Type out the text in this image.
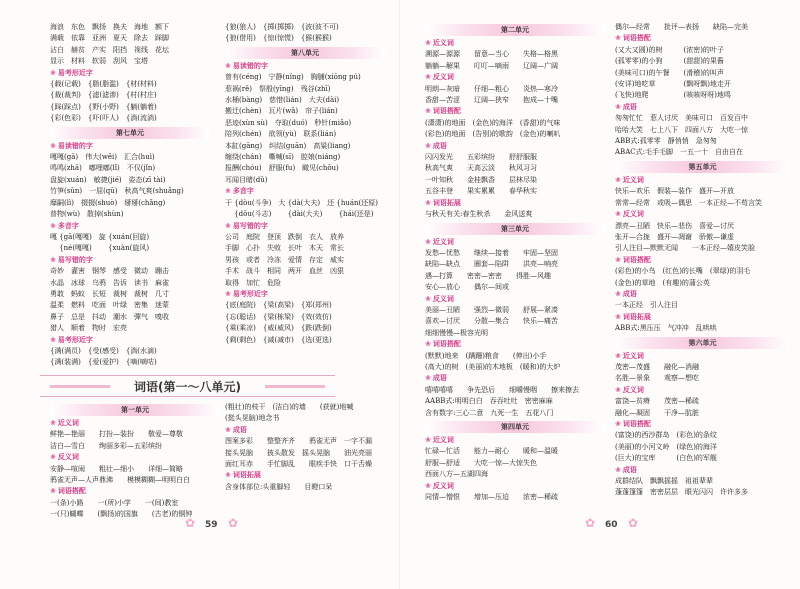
海浪　东色　飘扬　换夫　海地　额下
满载　依靠　亚洲　夏天　除去　踩脚
沾白　赫贫　产实　阳挡　视线　花坛
显示　材料　软弱　刮风　宝塔
❀ 易考形近字
{载(记载)　{脂(脂滥)　{材(材料)
{裁(裁判)　{滤(滤渗)　{村(村庄)
{踩(踩点)　{野(小野)　{躺(躺着)
{彩(色彩)　{吓(吓人)　{淌(流淌)
第七单元
❀ 易读错的字
嘎嘎(gā)　伟大(wěi)　汇合(huì)
鸣鸣(zhā)　嘟哩嘟(lǐ)　不仅(jǐn)
盘旋(xuán)　敏捷(jié)　姿态(zī tài)
竹笋(sǔn)　一屈(qū)　秋高气爽(shuǎng)
靡嗣(lì)　掇掇(shuò)　掰掰(chǎng)
普物(wù)　散掉(shùn)
❀ 多音字
嘎 {gā(嘎嘎)　旋 {xuán(回旋)
　 {né(嘎嘎)　　 {xuàn(旋风)
❀ 易写错的字
奇妙　灌害　钢琴　感受　微动　蹦击
水晶　冰球　乌鸦　告诉　读书　麻雀
勇敢　蚂蚁　长短　裁树　裁树　几寸
温柔　燃料　吃面　叶绿　密集　迷蒙
鼻子　总是　抖动　潮水　彈气　嗅收
猎人　顺着　物时　宏亮
❀ 易考形近字
{满(满员)　{受(感受)　{淌(水滴)
{满(装满)　{爱(爱护)　{嘀(嘀咕)
{狼(狼人)　{掷(掷掷)　{波(波不可)
{狼(借用)　{惊(惊慌)　{猴(猴猴)
第八单元
❀ 易读错的字
曾有(céng)　宁静(níng)　胸脯(xiōng pú)
惹祸(rě)　祭殷(yīng)　残谷(zhī)
水桶(bàng)　慈惜(lián)　大夫(dài)
搬迁(chèn)　瓦片(wǎ)　帘子(lián)
恶迹(xùn sù)　夺取(duó)　秒针(miǎo)
陪列(chén)　欲领(yù)　联系(lián)
本缸(gāng)　纠结(guān)　高粱(liang)
缠绕(chán)　嘶喊(sī)　腔娘(niáng)
报酬(chóu)　舒服(fu)　瞰见(chǒu)
耳闻目睹(dǔ)
❀ 多音字
干 {dòu(斗争)　大 {dà(大夫)　还 {huán(还原)
　 {dǒu(斗志)　　 {dài(大夫)　　 {hái(还是)
❀ 易写错的字
公司　庭院　登顶　跌倒　衣人　放养
手脚　心扑　失败　长叶　木天　常长
男孩　或者　冷冻　爱情　存定　威实
手术　战斗　相同　两开　血丝　凶狠
取得　加忙　危险
❀ 易考形近字
{底(庭院)　{梁(高梁)　{郑(郑州)
{忘(聪话)　{梁(栋梁)　{效(效仿)
{乘(乘凉)　{威(威风)　{跌(跌倒)
{剩(剩色)　{减(减市)　{选(更选)
词语(第一～八单元)
第一单元
❀ 近义词
鲜艳—艳丽　　打扮—装扮　　敬爱—尊敬
洁白—雪白　　绚丽多彩—五彩缤纷
❀ 反义词
安静—喧闹　　粗壮—细小　　详细—简略
鸦雀无声—人声鼎沸　　模模糊糊—明明白白
❀ 词语搭配
一(条)小路　　一(所)小学　　一(间)教室
一(只)蝴蝶　　(飘扬)的国旗　　(古老)的铜钟
(粗壮)的枝干　(洁白)的墙　　(获就)地喊
(挺头晃脑)地念书
❀ 成语
图案多彩　　整整齐齐　　鸦雀无声　一字不漏
接头晃脑　　披头散发　摇头晃脑　　油光亮丽
面红耳赤　　手忙脚乱　　眼疾手快　口干舌燥
❀ 词语拓展
含身体部位:头重脚轻　　目瞪口呆
✿ 59 ✿
第二单元
❀ 近义词
溯源—源源　　留意—当心　　失格—格黑
躺躺—解果　　叮叮—嘀雨　　辽阔—广阔
❀ 反义词
明朗—灰暗　　仔细—粗心　　炎热—寒冷
香甜—苦涩　　辽阔—狭窄　　抱成—十嘴
❀ 词语搭配
(潇潇)的地面　(金色)的海洋　(香甜)的气味
(彩色)的地面　(告别)的歌韵　(金色)的喇叭
❀ 成语
闪闪发光　　五彩缤纷　　舒舒服服
秋高气爽　　天高云淡　　秋风习习
一叶知秋　　金桂飘香　　层林尽染
五谷丰登　　果实累累　　春华秋实
❀ 词语拓展
与秋天有关:春生秋杀　　金风送爽
第三单元
❀ 近义词
发愁—忧愁　　继续—接着　　牢固—坚固
缺陷—缺点　　圈套—陷阱　　洪亮—响亮
遇—打算　　密密—密密　　得胜—风趣
安心—放心　　偶尔—间或
❀ 反义词
美丽—丑陋　　强烈—微弱　　舒展—紧凑
喜欢—讨厌　　分散—集合　　快乐—痛苦
细细慢慢—极容光明
❀ 词语搭配
(默默)地来　(蹒跚)粮食　　(伸出)小手
(高大)的树　(美丽)的木地板　(暖和)的大炉
❀ 成语
嘻嘻嘻嘻　　争先恐后　　细嚼慢咽　　擦来擦去
AABB式:明明白白　吞吞吐吐　密密麻麻
含有数字:三心二意　九死一生　五花八门
第四单元
❀ 近义词
忙碌—忙活　　能力—耐心　　暖和—温暖
舒服—舒适　　大吃一惊—大惊失色
西面八方—五湖四海
❀ 反义词
同情—憎恨　　增加—压迫　　浓密—稀疏
偶尔—经常　　批评—表扬　　缺陷—完美
❀ 词语搭配
(又大又圆)的树　　　(浓密)的叶子
(孤零零)的小狗　　　(甜甜)的果酱
(美味可口)的午餐　　(滑稽)的叫声
(安详)地吃草　　　　(飘呀飘)地走开
(飞快)地爬　　　　　(咳咳呀呀)地鸣
❀ 成语
匆匆忙忙　惹人讨厌　美味可口　百发百中
哈哈大笑　七上八下　四面八方　大吃一惊
ABB式:孤零零　静悄悄　急匆匆
ABAC式:毛手毛脚　一五一十　自由自在
第五单元
❀ 近义词
快乐—欢乐　假装—装作　盛开—开放
常常—经常　或吸—偶思　一本正经—不苟言笑
❀ 反义词
漂亮—丑陋　快乐—悲伤　喜爱—讨厌
张开—合拢　盛开—凋谢　骄傲—谦虚
引人注目—默默无闻　　一本正经—嬉皮笑脸
❀ 词语搭配
(彩色)的小鸟　(红色)的长嘴　(翠绿)的羽毛
(金色)的草地　(有趣)的蒲公英
❀ 成语
一本正经　引人注目
❀ 词语拓展
ABB式:黑压压　气冲冲　乱哄哄
第六单元
❀ 近义词
茂密—茂盛　　融化—消融
名胜—景象　　观察—想吃
❀ 反义词
富饶—贫瘠　　茂密—稀疏
融化—凝固　　干净—肮脏
❀ 词语搭配
(富饶)的西沙群岛　(彩色)的条纹
(美丽)的小河文岭　(绿色)的海洋
(巨大)的宝库　　　(白色)的军舰
❀ 成语
成群结队　飘飘摇摇　祖祖辈辈
蓬蓬篷篷　密密层层　眼光闪闪　许许多多
✿ 60 ✿
